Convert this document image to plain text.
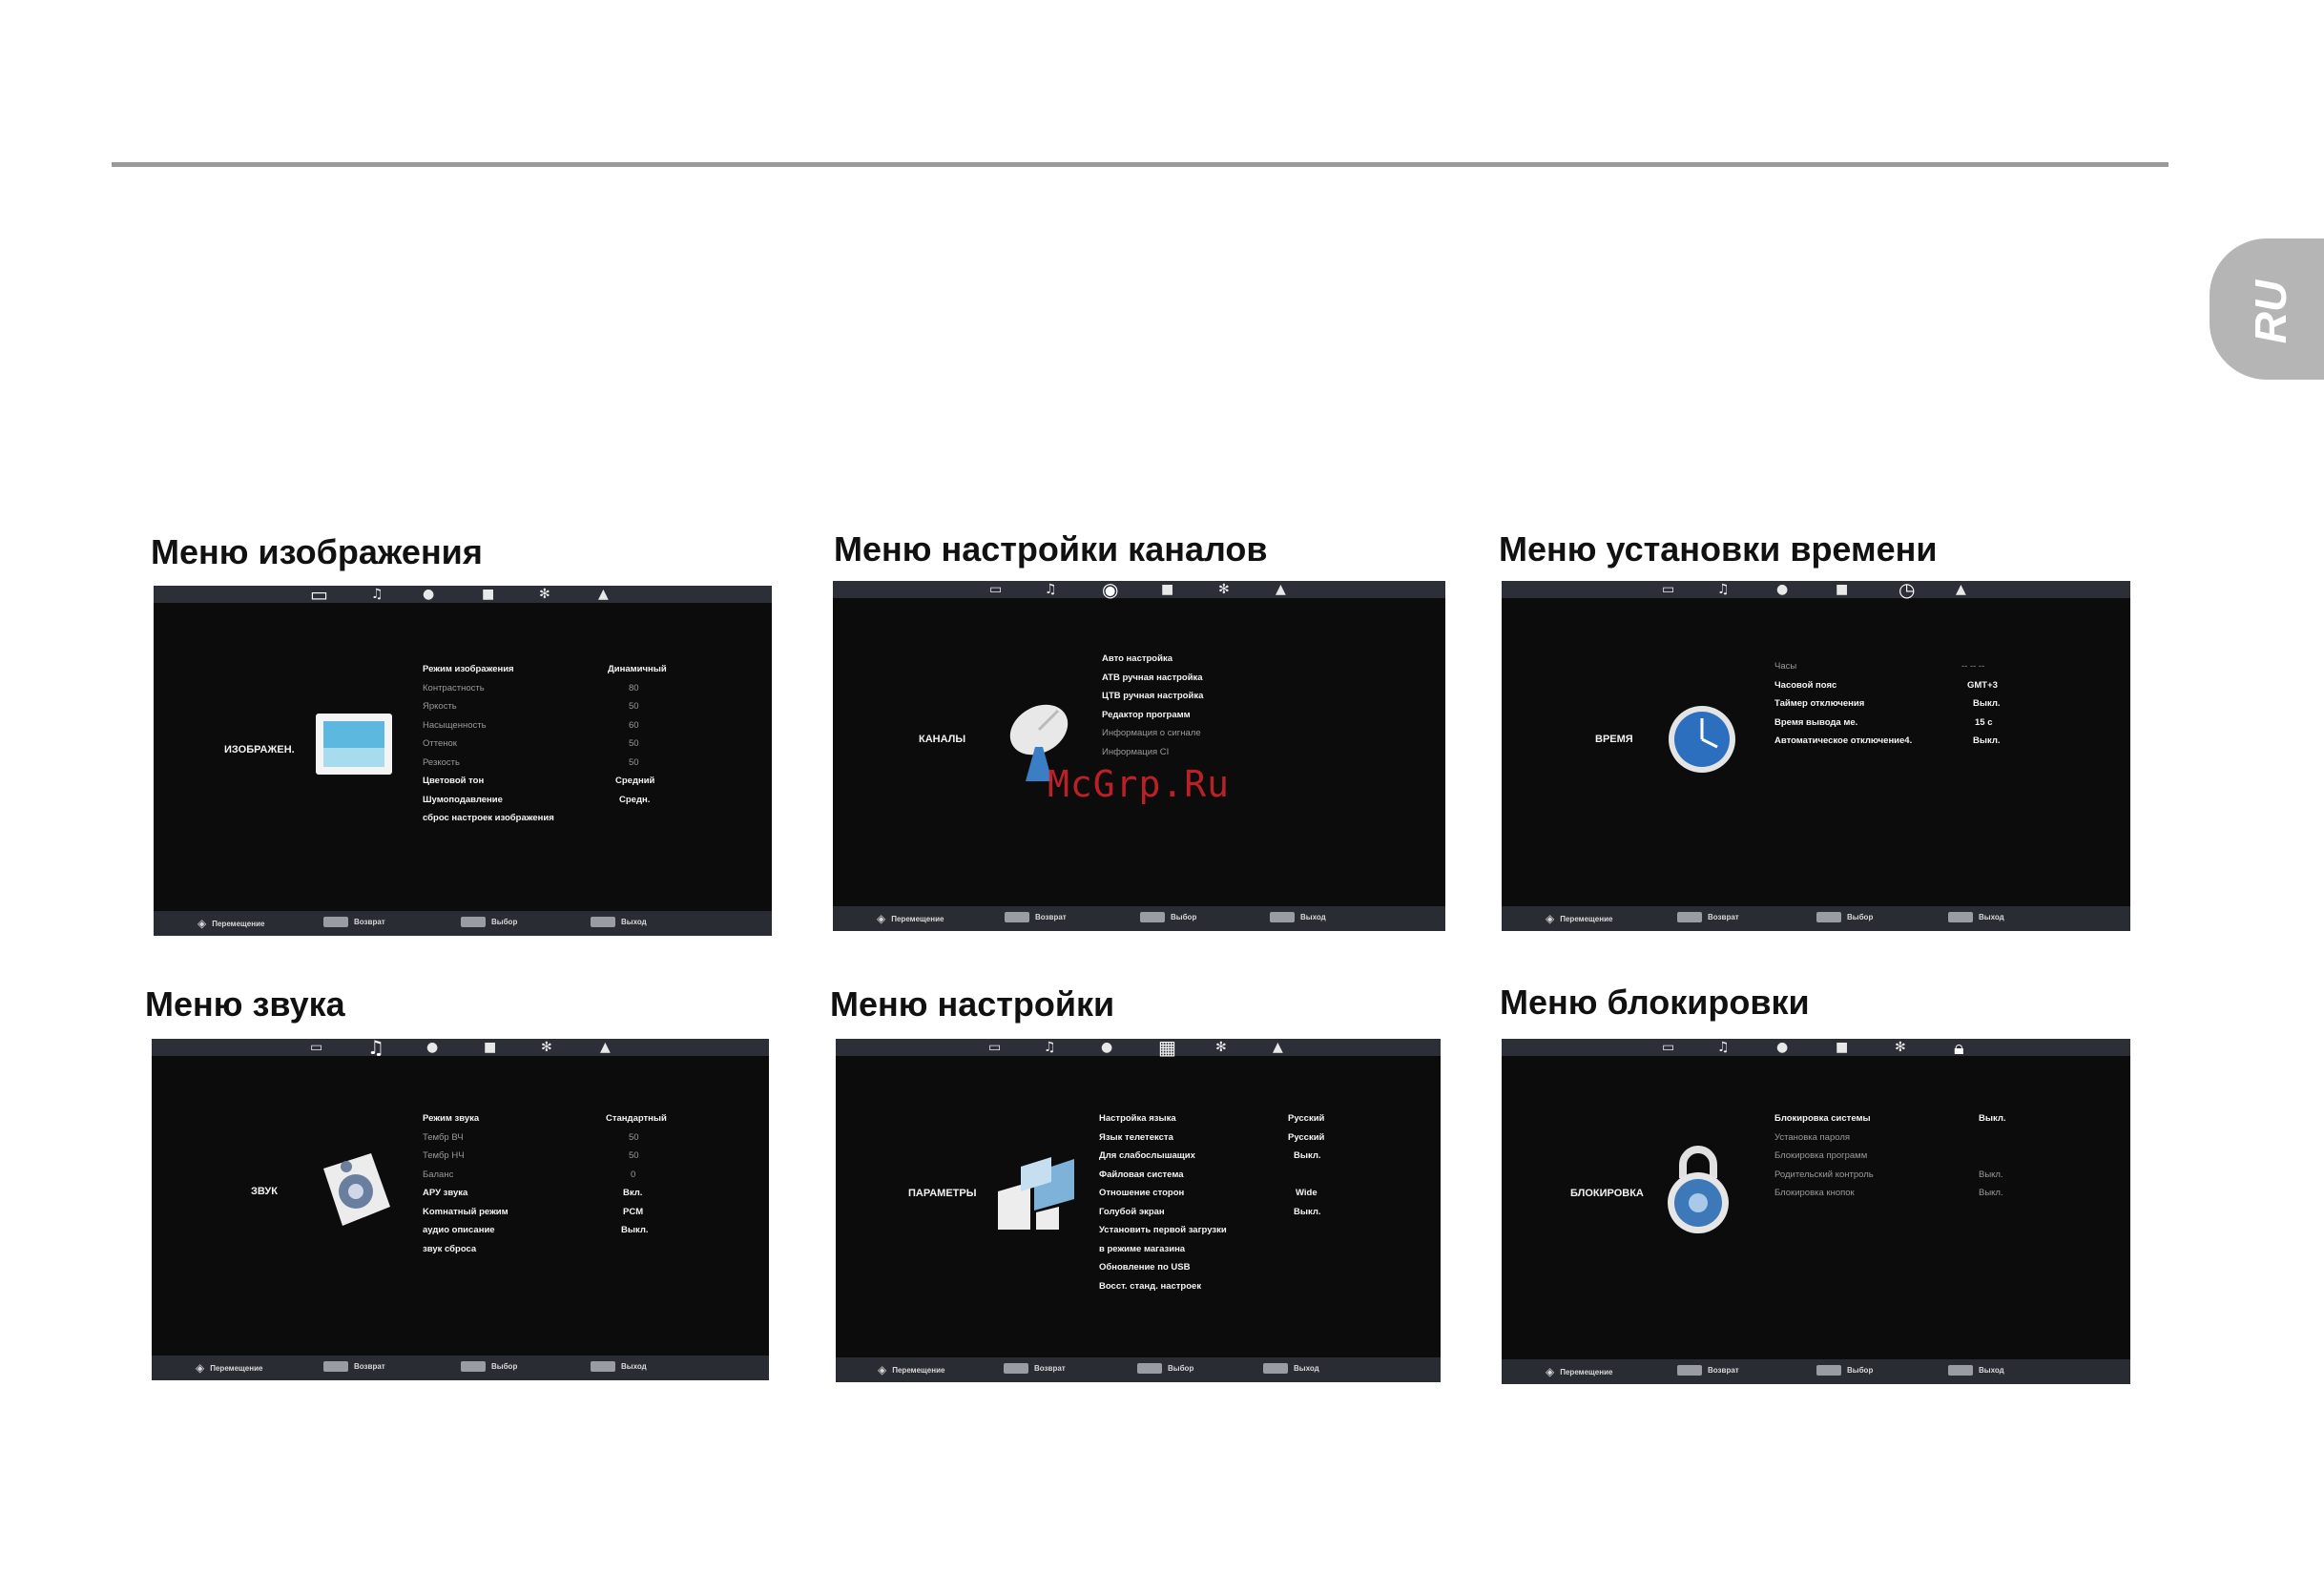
RU
Меню изображения
▭	♫	●	■	✻	▲
ИЗОБРАЖЕН.
Режим изображения	Динамичный
Контрастность	80
Яркость	50
Насыщенность	60
Оттенок	50
Резкость	50
Цветовой тон	Средний
Шумоподавление	Средн.
сброс настроек изображения
◈ Перемещение	Возврат	Выбор	Выход
Меню настройки каналов
▭	♫ ◉	■	✻	▲
КАНАЛЫ
Авто настройка
ATB ручная настройка
ЦТВ ручная настройка
Редактор программ
Информация о сигнале
Информация CI
◈ Перемещение	Возврат	Выбор	Выход
Меню установки времени
▭	♫	●	■	◷	▲
ВРЕМЯ
Часы	-- -- --
Часовой пояс	GMT+3
Таймер отключения	Выкл.
Время вывода ме.	15 с
Автоматическое отключение4.	Выкл.
◈ Перемещение	Возврат	Выбор	Выход
Меню звука
▭ ♫	●	■	✻	▲
ЗВУК
Режим звука	Стандартный
Тембр ВЧ	50
Тембр НЧ	50
Баланс	0
АРУ звука	Вкл.
Komнатный режим	PCM
аудио описание	Выкл.
звук сброса
◈ Перемещение	Возврат	Выбор	Выход
Меню настройки
▭	♫	● ▦	✻	▲
ПАРАМЕТРЫ
Настройка языка	Русский
Язык телетекста	Русский
Для слабослышащих	Выкл.
Файловая система
Отношение сторон	Wide
Голубой экран	Выкл.
Установить первой загрузки
в режиме магазина
Обновление по USB
Восст. станд. настроек
◈ Перемещение	Возврат	Выбор	Выход
Меню блокировки
▭	♫	●	■	✻	🔒︎
БЛОКИРОВКА
Блокировка системы	Выкл.
Установка пароля
Блокировка программ
Родительский контроль	Выкл.
Блокировка кнопок	Выкл.
◈ Перемещение	Возврат	Выбор	Выход
McGrp.Ru
